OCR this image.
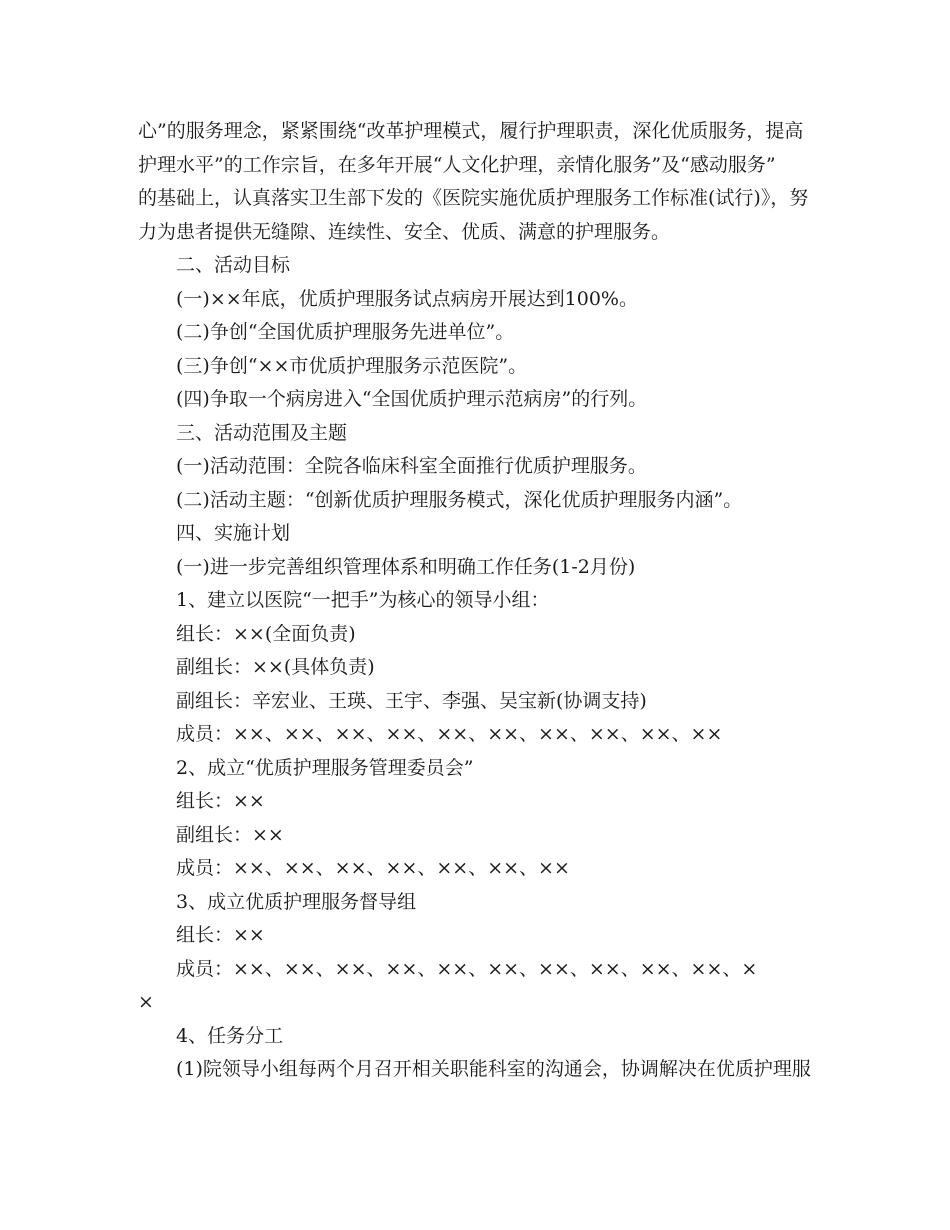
心”的服务理念，紧紧围绕“改革护理模式，履行护理职责，深化优质服务，提高
护理水平”的工作宗旨，在多年开展“人文化护理，亲情化服务”及“感动服务”
的基础上，认真落实卫生部下发的《医院实施优质护理服务工作标准(试行)》，努
力为患者提供无缝隙、连续性、安全、优质、满意的护理服务。

二、活动目标

(一)××年底，优质护理服务试点病房开展达到100%。

(二)争创“全国优质护理服务先进单位”。

(三)争创“××市优质护理服务示范医院”。

(四)争取一个病房进入“全国优质护理示范病房”的行列。

三、活动范围及主题

(一)活动范围：全院各临床科室全面推行优质护理服务。

(二)活动主题：“创新优质护理服务模式，深化优质护理服务内涵”。

四、实施计划

(一)进一步完善组织管理体系和明确工作任务(1-2月份)

1、建立以医院“一把手”为核心的领导小组：

组长：××(全面负责)

副组长：××(具体负责)

副组长：辛宏业、王瑛、王宇、李强、吴宝新(协调支持)

成员：××、××、××、××、××、××、××、××、××、××

2、成立“优质护理服务管理委员会”

组长：××

副组长：××

成员：××、××、××、××、××、××、××

3、成立优质护理服务督导组

组长：××

成员：××、××、××、××、××、××、××、××、××、××、×
×

4、任务分工

(1)院领导小组每两个月召开相关职能科室的沟通会，协调解决在优质护理服
